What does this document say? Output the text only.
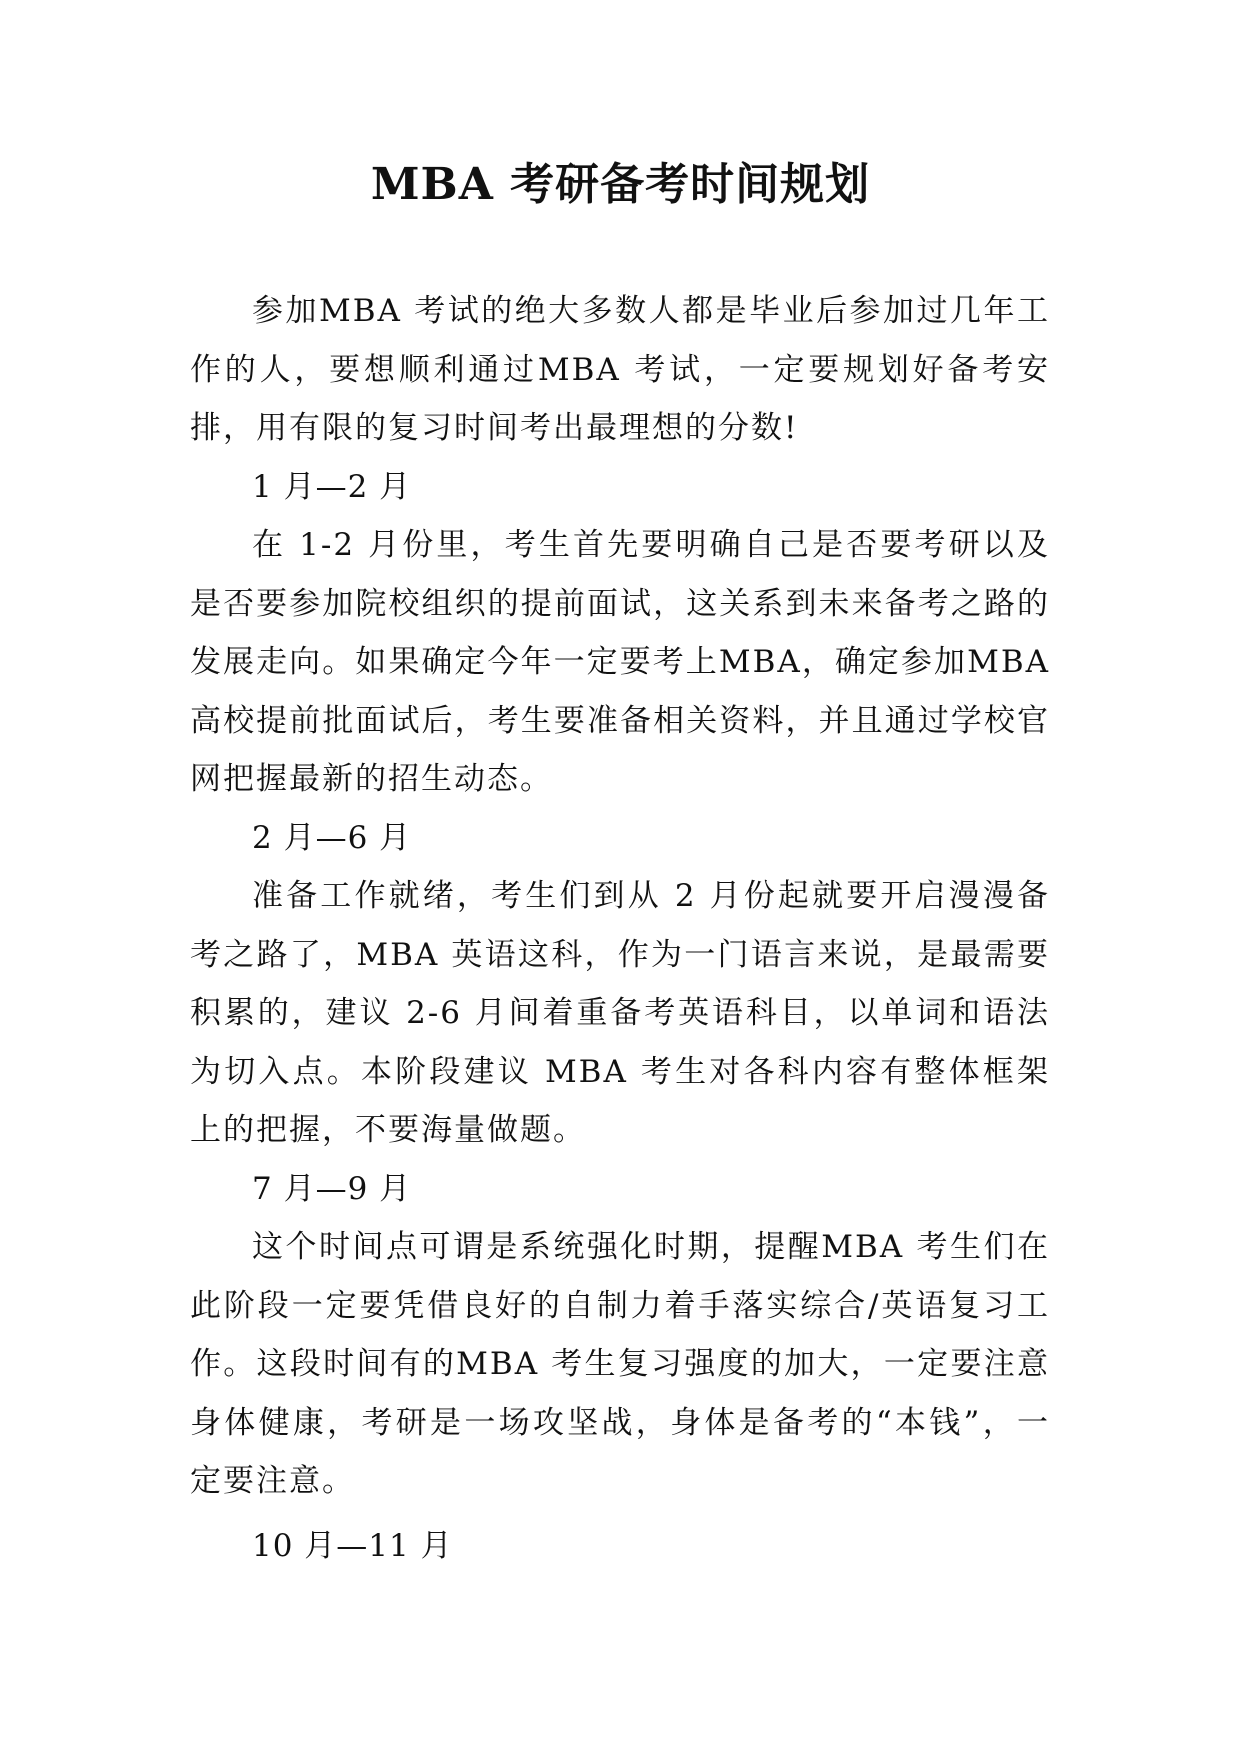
MBA 考研备考时间规划

参加MBA 考试的绝大多数人都是毕业后参加过几年工作的人，要想顺利通过MBA 考试，一定要规划好备考安排，用有限的复习时间考出最理想的分数!

1 月—2 月

在 1-2 月份里，考生首先要明确自己是否要考研以及是否要参加院校组织的提前面试，这关系到未来备考之路的发展走向。如果确定今年一定要考上MBA，确定参加MBA 高校提前批面试后，考生要准备相关资料，并且通过学校官网把握最新的招生动态。

2 月—6 月

准备工作就绪，考生们到从 2 月份起就要开启漫漫备考之路了，MBA 英语这科，作为一门语言来说，是最需要积累的，建议 2-6 月间着重备考英语科目，以单词和语法为切入点。本阶段建议 MBA 考生对各科内容有整体框架上的把握，不要海量做题。

7 月—9 月

这个时间点可谓是系统强化时期，提醒MBA 考生们在此阶段一定要凭借良好的自制力着手落实综合/英语复习工作。这段时间有的MBA 考生复习强度的加大，一定要注意身体健康，考研是一场攻坚战，身体是备考的“本钱”，一定要注意。

10 月—11 月
